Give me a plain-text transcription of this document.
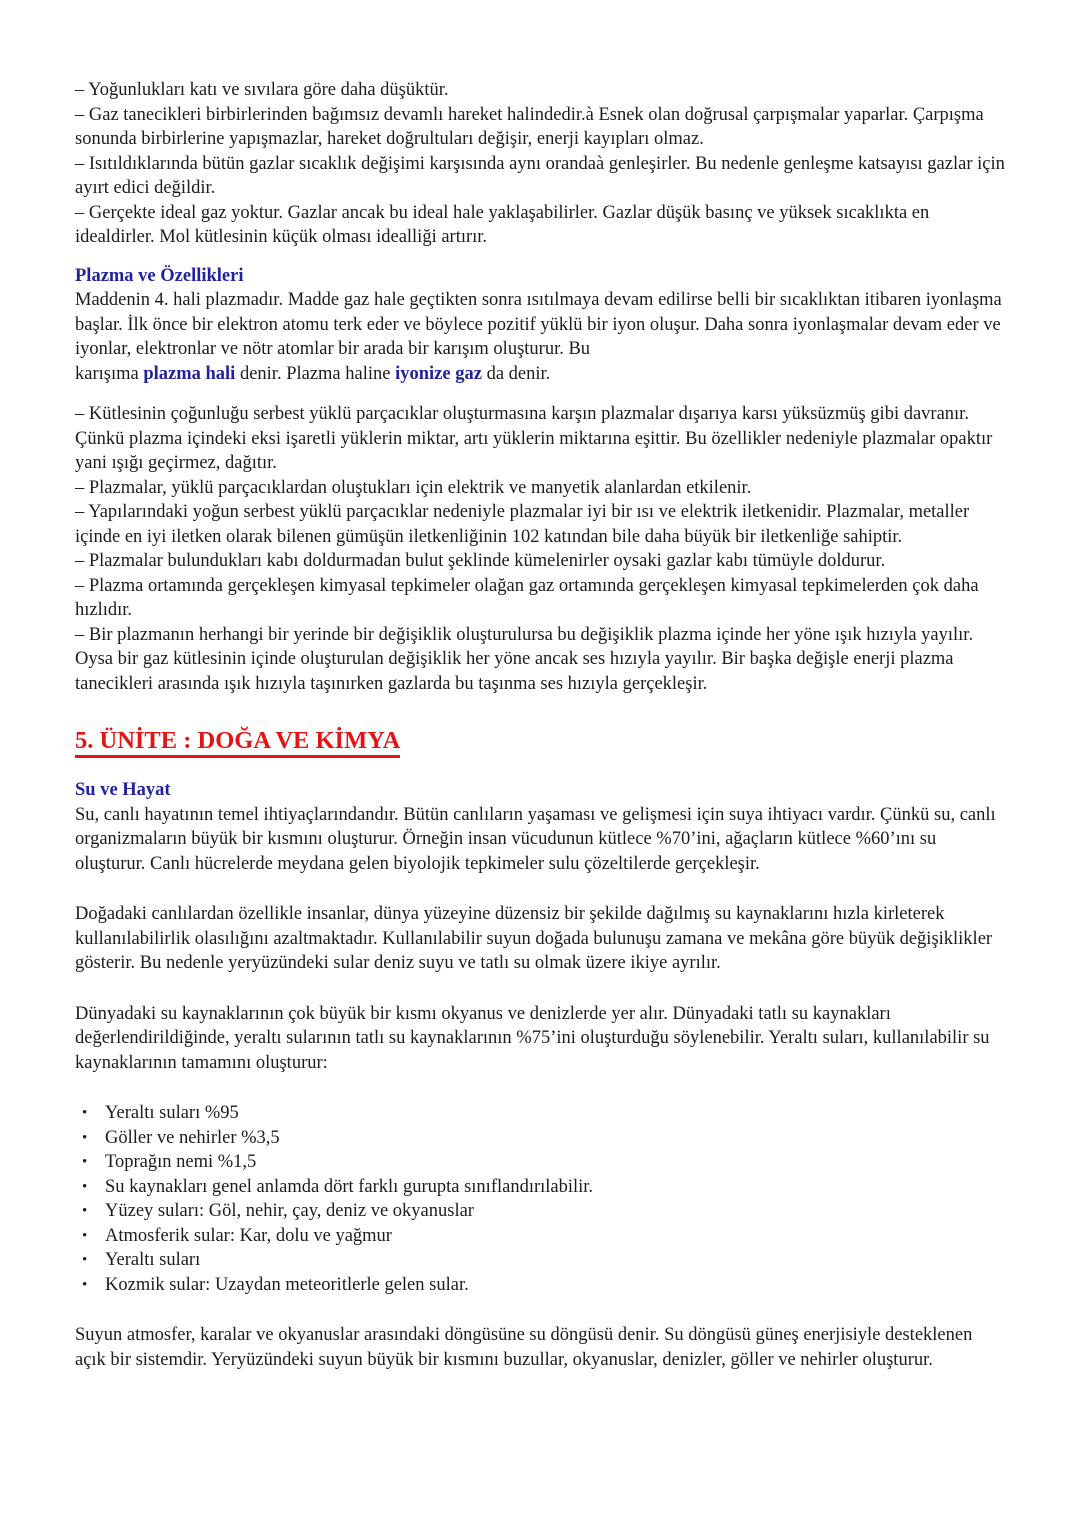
– Yoğunlukları katı ve sıvılara göre daha düşüktür.
– Gaz tanecikleri birbirlerinden bağımsız devamlı hareket halindedir.à Esnek olan doğrusal çarpışmalar yaparlar. Çarpışma sonunda birbirlerine yapışmazlar, hareket doğrultuları değişir, enerji kayıpları olmaz.
– Isıtıldıklarında bütün gazlar sıcaklık değişimi karşısında aynı orandaà genleşirler. Bu nedenle genleşme katsayısı gazlar için ayırt edici değildir.
– Gerçekte ideal gaz yoktur. Gazlar ancak bu ideal hale yaklaşabilirler. Gazlar düşük basınç ve yüksek sıcaklıkta en idealdirler. Mol kütlesinin küçük olması idealliği artırır.
Plazma ve Özellikleri
Maddenin 4. hali plazmadır. Madde gaz hale geçtikten sonra ısıtılmaya devam edilirse belli bir sıcaklıktan itibaren iyonlaşma başlar. İlk önce bir elektron atomu terk eder ve böylece pozitif yüklü bir iyon oluşur. Daha sonra iyonlaşmalar devam eder ve iyonlar, elektronlar ve nötr atomlar bir arada bir karışım oluşturur. Bu
karışıma plazma hali denir. Plazma haline iyonize gaz da denir.
– Kütlesinin çoğunluğu serbest yüklü parçacıklar oluşturmasına karşın plazmalar dışarıya karsı yüksüzmüş gibi davranır. Çünkü plazma içindeki eksi işaretli yüklerin miktar, artı yüklerin miktarına eşittir. Bu özellikler nedeniyle plazmalar opaktır yani ışığı geçirmez, dağıtır.
– Plazmalar, yüklü parçacıklardan oluştukları için elektrik ve manyetik alanlardan etkilenir.
– Yapılarındaki yoğun serbest yüklü parçacıklar nedeniyle plazmalar iyi bir ısı ve elektrik iletkenidir. Plazmalar, metaller içinde en iyi iletken olarak bilenen gümüşün iletkenliğinin 102 katından bile daha büyük bir iletkenliğe sahiptir.
– Plazmalar bulundukları kabı doldurmadan bulut şeklinde kümelenirler oysaki gazlar kabı tümüyle doldurur.
– Plazma ortamında gerçekleşen kimyasal tepkimeler olağan gaz ortamında gerçekleşen kimyasal tepkimelerden çok daha hızlıdır.
– Bir plazmanın herhangi bir yerinde bir değişiklik oluşturulursa bu değişiklik plazma içinde her yöne ışık hızıyla yayılır. Oysa bir gaz kütlesinin içinde oluşturulan değişiklik her yöne ancak ses hızıyla yayılır. Bir başka değişle enerji plazma tanecikleri arasında ışık hızıyla taşınırken gazlarda bu taşınma ses hızıyla gerçekleşir.
5. ÜNİTE : DOĞA VE KİMYA
Su ve Hayat
Su, canlı hayatının temel ihtiyaçlarındandır. Bütün canlıların yaşaması ve gelişmesi için suya ihtiyacı vardır. Çünkü su, canlı organizmaların büyük bir kısmını oluşturur. Örneğin insan vücudunun kütlece %70’ini, ağaçların kütlece %60’ını su oluşturur. Canlı hücrelerde meydana gelen biyolojik tepkimeler sulu çözeltilerde gerçekleşir.
Doğadaki canlılardan özellikle insanlar, dünya yüzeyine düzensiz bir şekilde dağılmış su kaynaklarını hızla kirleterek kullanılabilirlik olasılığını azaltmaktadır. Kullanılabilir suyun doğada bulunuşu zamana ve mekâna göre büyük değişiklikler gösterir. Bu nedenle yeryüzündeki sular deniz suyu ve tatlı su olmak üzere ikiye ayrılır.
Dünyadaki su kaynaklarının çok büyük bir kısmı okyanus ve denizlerde yer alır. Dünyadaki tatlı su kaynakları değerlendirildiğinde, yeraltı sularının tatlı su kaynaklarının %75’ini oluşturduğu söylenebilir. Yeraltı suları, kullanılabilir su kaynaklarının tamamını oluşturur:
• Yeraltı suları %95
• Göller ve nehirler %3,5
• Toprağın nemi %1,5
• Su kaynakları genel anlamda dört farklı gurupta sınıflandırılabilir.
• Yüzey suları: Göl, nehir, çay, deniz ve okyanuslar
• Atmosferik sular: Kar, dolu ve yağmur
• Yeraltı suları
• Kozmik sular: Uzaydan meteoritlerle gelen sular.
Suyun atmosfer, karalar ve okyanuslar arasındaki döngüsüne su döngüsü denir. Su döngüsü güneş enerjisiyle desteklenen açık bir sistemdir. Yeryüzündeki suyun büyük bir kısmını buzullar, okyanuslar, denizler, göller ve nehirler oluşturur.
